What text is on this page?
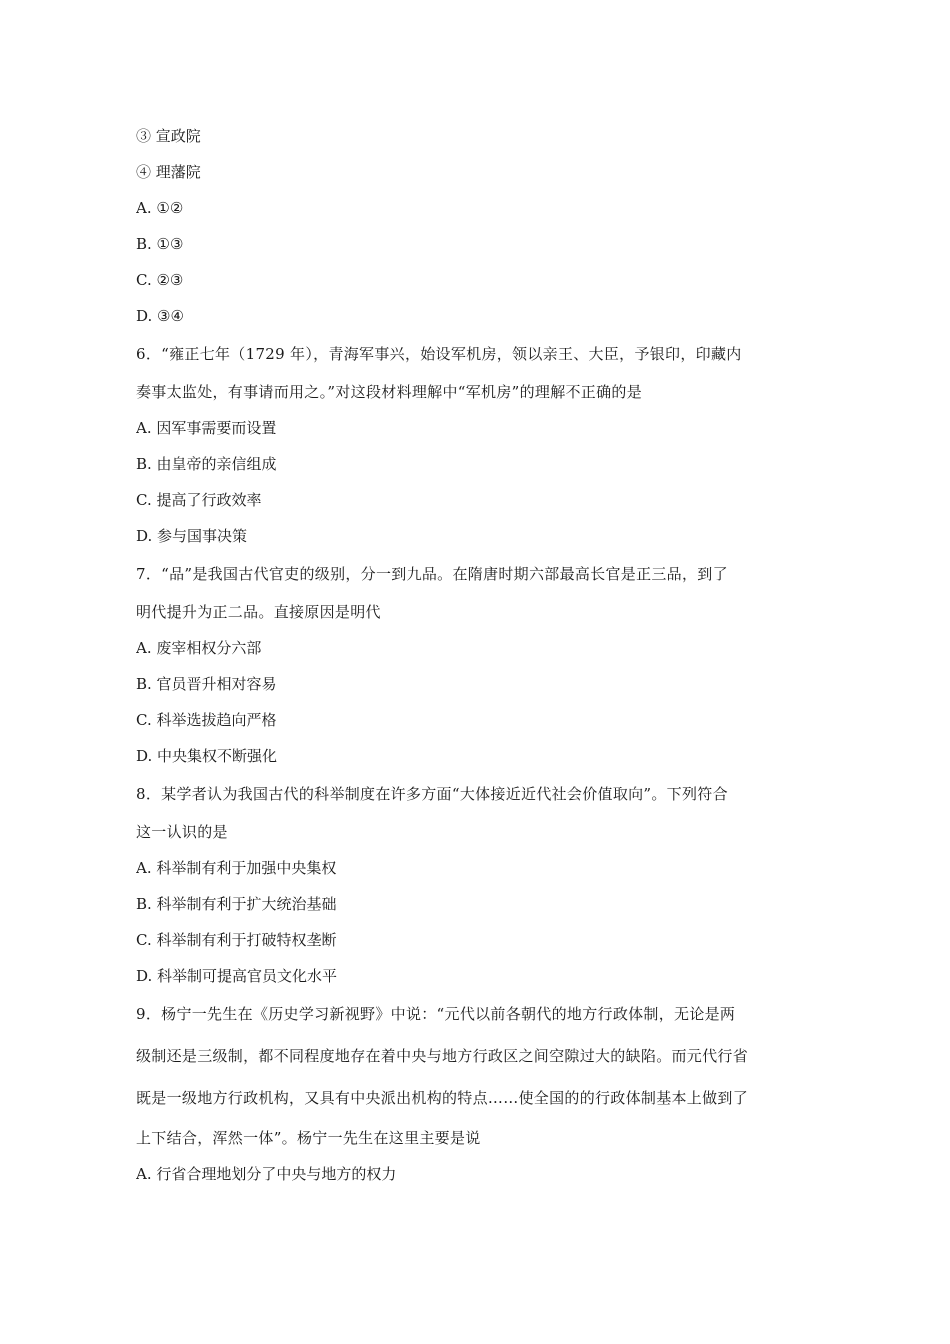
③ 宣政院
④ 理藩院
A. ①②
B. ①③
C. ②③
D. ③④
6．“雍正七年（1729 年），青海军事兴，始设军机房，领以亲王、大臣，予银印，印藏内
奏事太监处，有事请而用之。”对这段材料理解中“军机房”的理解不正确的是
A. 因军事需要而设置
B. 由皇帝的亲信组成
C. 提高了行政效率
D. 参与国事决策
7．“品”是我国古代官吏的级别，分一到九品。在隋唐时期六部最高长官是正三品，到了
明代提升为正二品。直接原因是明代
A. 废宰相权分六部
B. 官员晋升相对容易
C. 科举选拔趋向严格
D. 中央集权不断强化
8．某学者认为我国古代的科举制度在许多方面“大体接近近代社会价值取向”。下列符合
这一认识的是
A. 科举制有利于加强中央集权
B. 科举制有利于扩大统治基础
C. 科举制有利于打破特权垄断
D. 科举制可提高官员文化水平
9．杨宁一先生在《历史学习新视野》中说：“元代以前各朝代的地方行政体制，无论是两
级制还是三级制，都不同程度地存在着中央与地方行政区之间空隙过大的缺陷。而元代行省
既是一级地方行政机构，又具有中央派出机构的特点……使全国的的行政体制基本上做到了
上下结合，浑然一体”。杨宁一先生在这里主要是说
A. 行省合理地划分了中央与地方的权力
